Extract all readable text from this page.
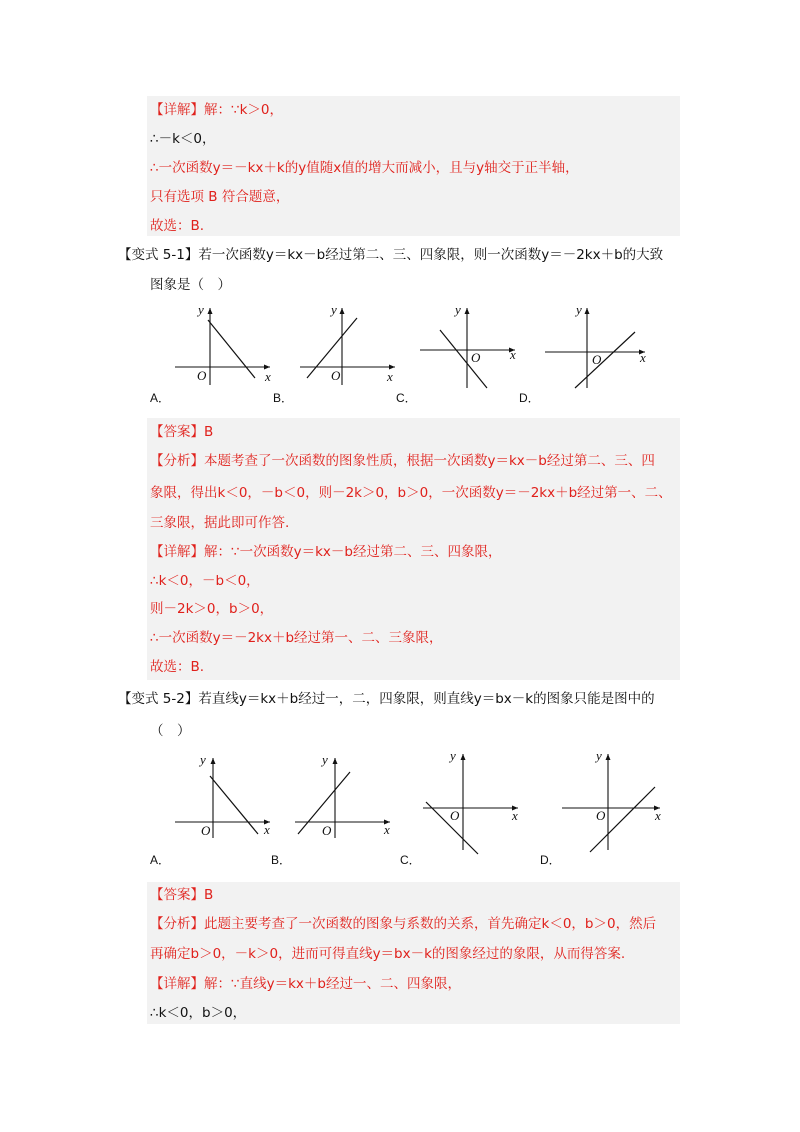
【详解】解：∵k＞0，
∴－k＜0，
∴一次函数y＝－kx＋k的y值随x值的增大而减小，且与y轴交于正半轴，
只有选项 B 符合题意，
故选：B.
【变式 5-1】若一次函数y＝kx－b经过第二、三、四象限，则一次函数y＝－2kx＋b的大致
图象是（　）
y
x
O
y
x
O
y
x
O
y
x
O
A．	B．	C．	D．
【答案】B
【分析】本题考查了一次函数的图象性质，根据一次函数y＝kx－b经过第二、三、四
象限，得出k＜0，－b＜0，则－2k＞0，b＞0，一次函数y＝－2kx＋b经过第一、二、
三象限，据此即可作答.
【详解】解：∵一次函数y＝kx－b经过第二、三、四象限，
∴k＜0，－b＜0，
则－2k＞0，b＞0，
∴一次函数y＝－2kx＋b经过第一、二、三象限，
故选：B.
【变式 5-2】若直线y＝kx＋b经过一，二，四象限，则直线y＝bx－k的图象只能是图中的
（　）
y
x
O
y
x
O
y
x
O
y
x
O
A．	B．	C．	D．
【答案】B
【分析】此题主要考查了一次函数的图象与系数的关系，首先确定k＜0，b＞0，然后
再确定b＞0，－k＞0，进而可得直线y＝bx－k的图象经过的象限，从而得答案.
【详解】解：∵直线y＝kx＋b经过一、二、四象限，
∴k＜0，b＞0，
